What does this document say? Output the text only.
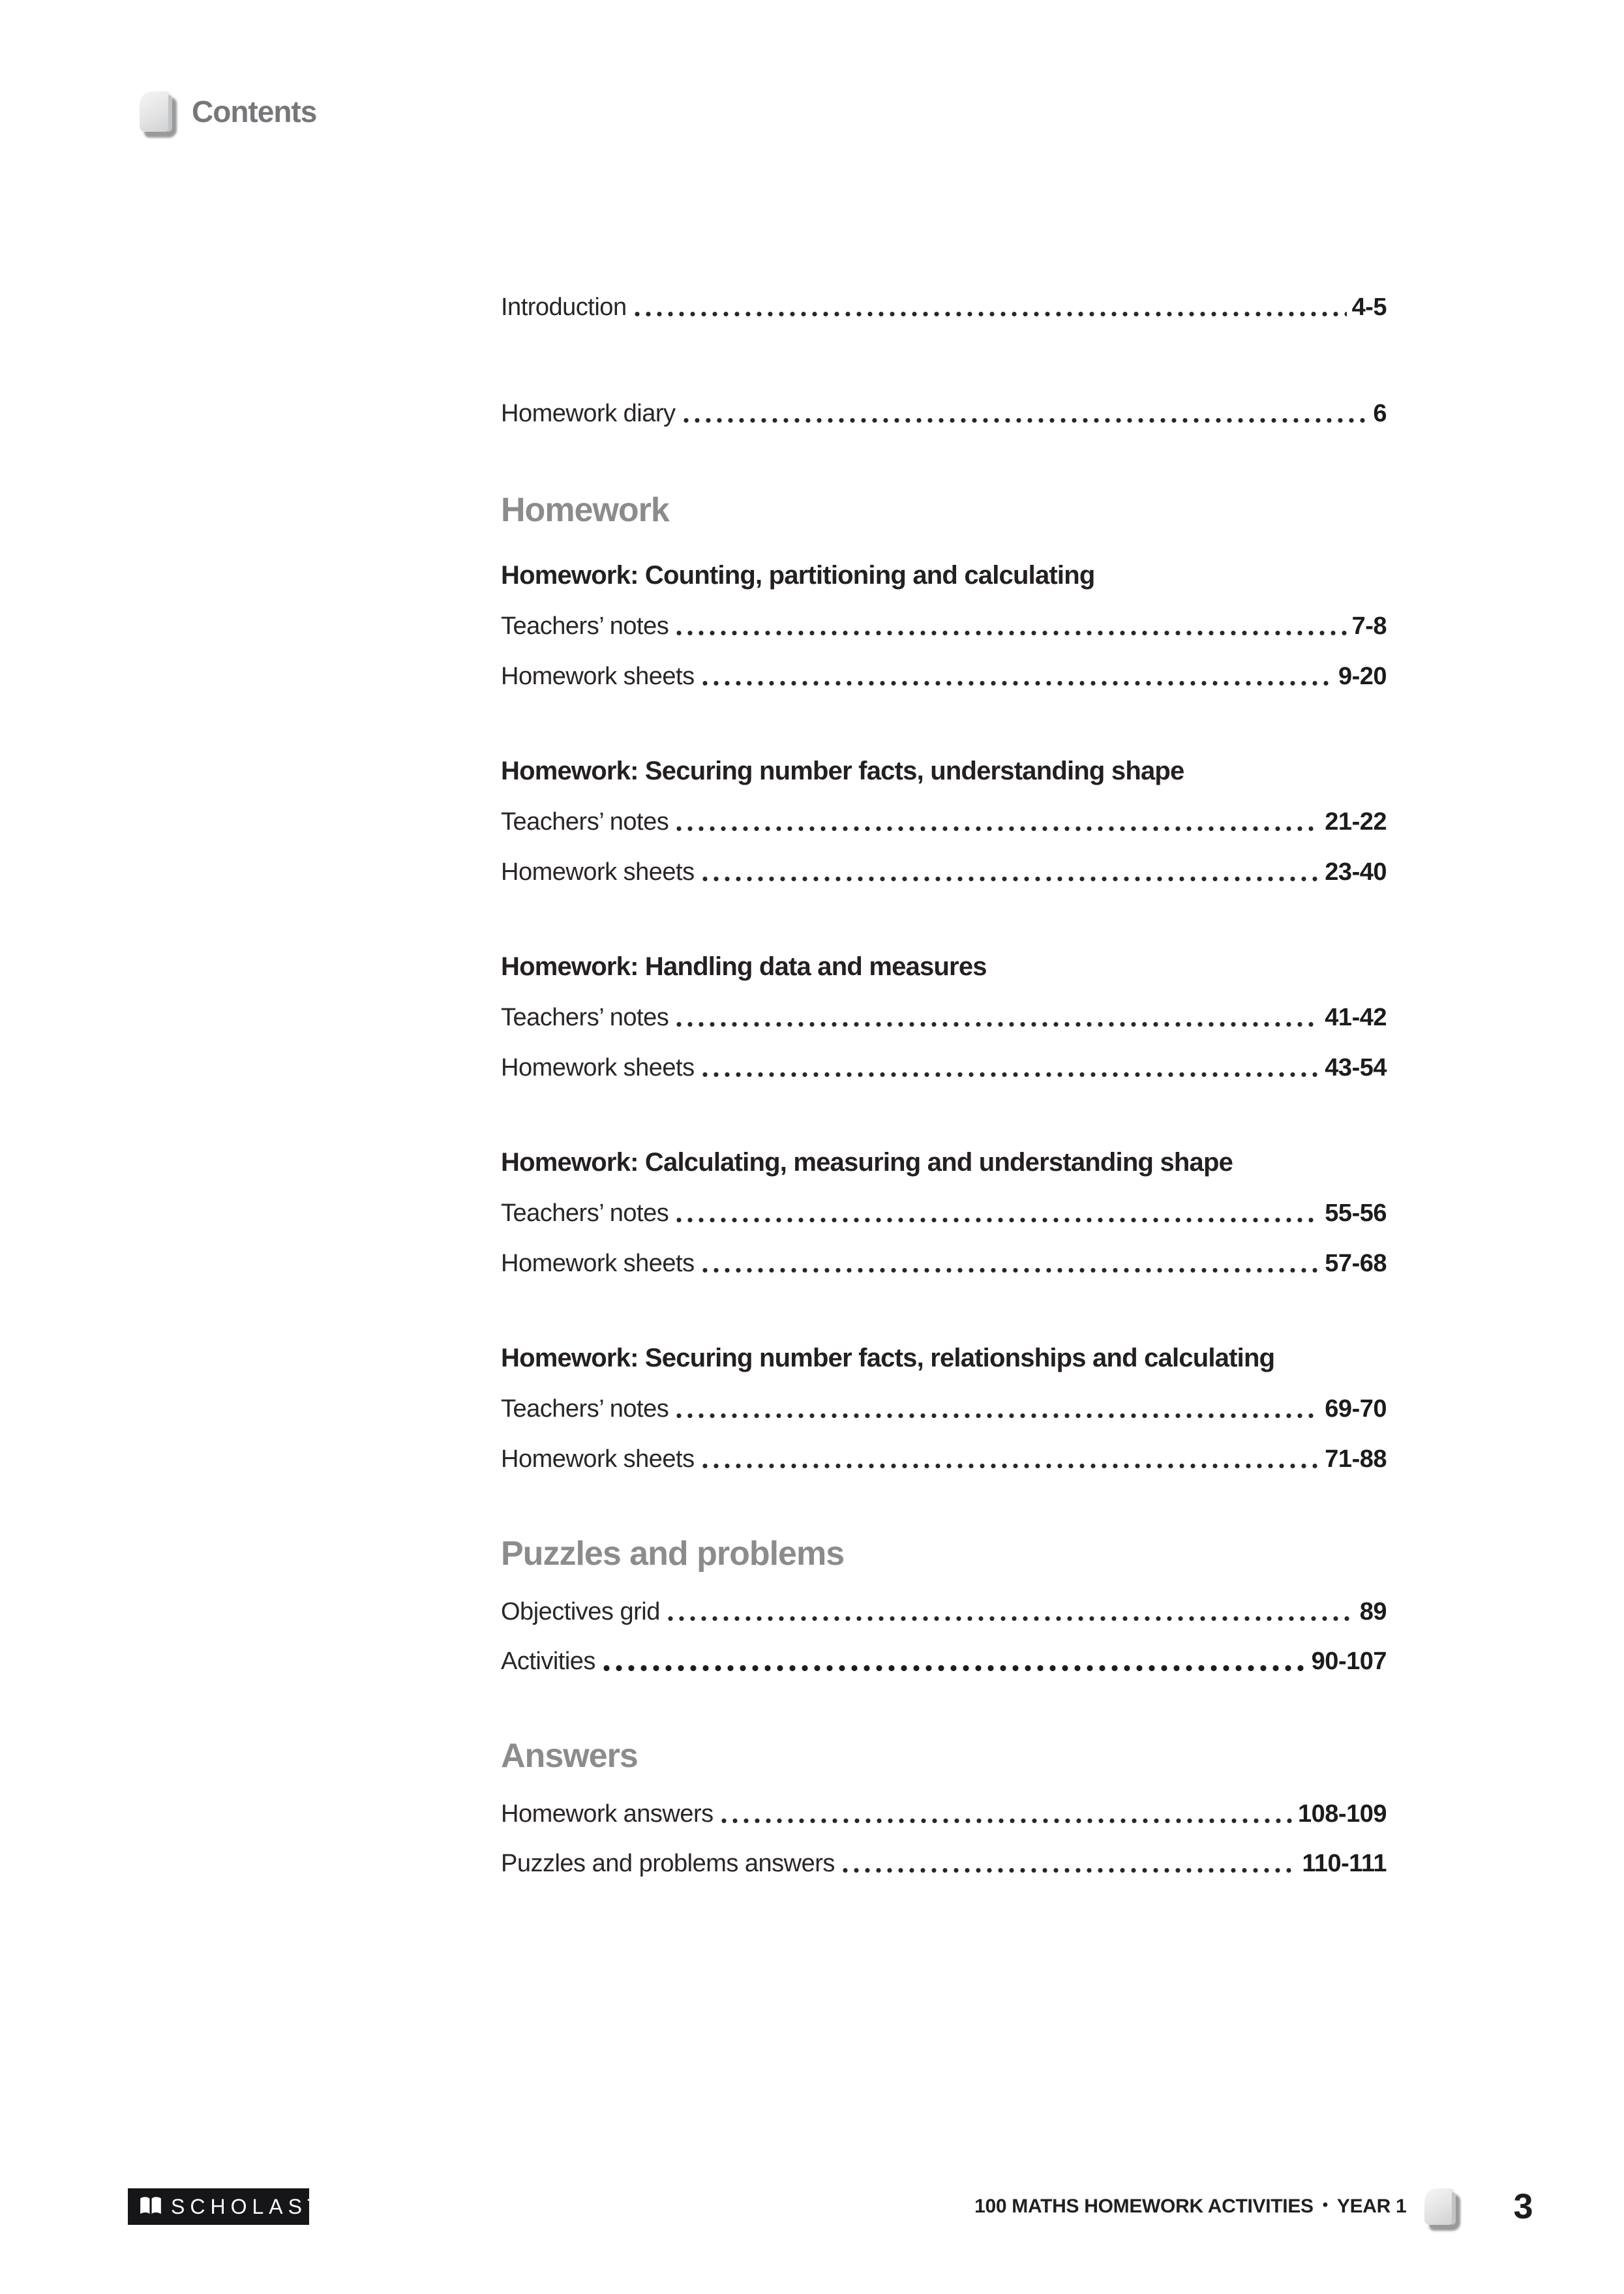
Contents
Introduction	4-5
Homework diary	6
Homework
Homework: Counting, partitioning and calculating
Teachers’ notes	7-8
Homework sheets	9-20
Homework: Securing number facts, understanding shape
Teachers’ notes	21-22
Homework sheets	23-40
Homework: Handling data and measures
Teachers’ notes	41-42
Homework sheets	43-54
Homework: Calculating, measuring and understanding shape
Teachers’ notes	55-56
Homework sheets	57-68
Homework: Securing number facts, relationships and calculating
Teachers’ notes	69-70
Homework sheets	71-88
Puzzles and problems
Objectives grid	89
Activities	90-107
Answers
Homework answers	108-109
Puzzles and problems answers	110-111
SCHOLASTIC	100 MATHS HOMEWORK ACTIVITIES • YEAR 1	3
